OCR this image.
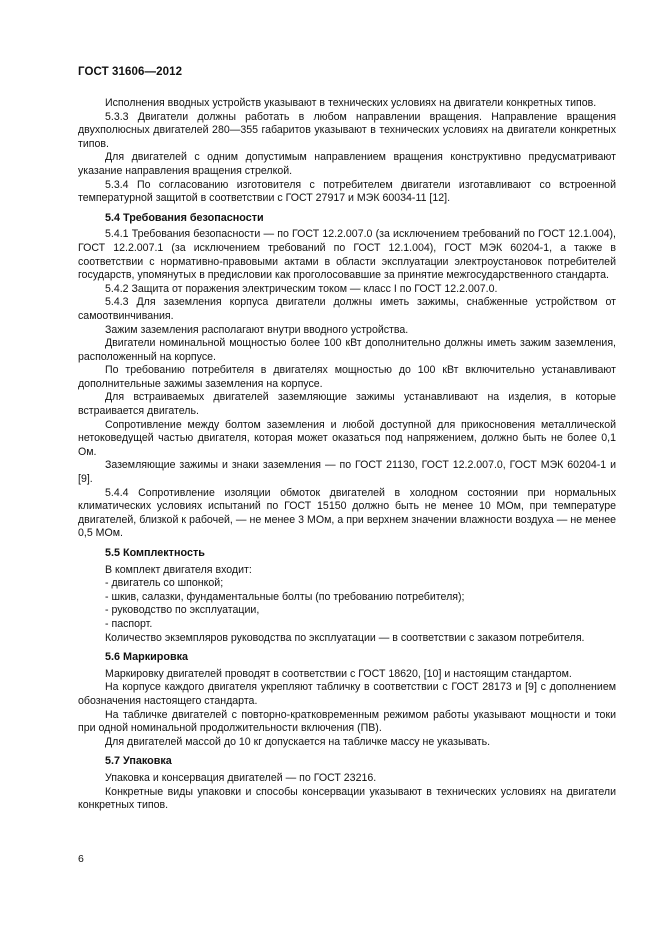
ГОСТ 31606—2012

Исполнения вводных устройств указывают в технических условиях на двигатели конкретных типов.

5.3.3 Двигатели должны работать в любом направлении вращения. Направление вращения двухполюсных двигателей 280—355 габаритов указывают в технических условиях на двигатели конкретных типов.

Для двигателей с одним допустимым направлением вращения конструктивно предусматривают указание направления вращения стрелкой.

5.3.4 По согласованию изготовителя с потребителем двигатели изготавливают со встроенной температурной защитой в соответствии с ГОСТ 27917 и МЭК 60034-11 [12].

5.4 Требования безопасности

5.4.1 Требования безопасности — по ГОСТ 12.2.007.0 (за исключением требований по ГОСТ 12.1.004), ГОСТ 12.2.007.1 (за исключением требований по ГОСТ 12.1.004), ГОСТ МЭК 60204-1, а также в соответствии с нормативно-правовыми актами в области эксплуатации электроустановок потребителей государств, упомянутых в предисловии как проголосовавшие за принятие межгосударственного стандарта.

5.4.2 Защита от поражения электрическим током — класс I по ГОСТ 12.2.007.0.

5.4.3 Для заземления корпуса двигатели должны иметь зажимы, снабженные устройством от самоотвинчивания.

Зажим заземления располагают внутри вводного устройства.

Двигатели номинальной мощностью более 100 кВт дополнительно должны иметь зажим заземления, расположенный на корпусе.

По требованию потребителя в двигателях мощностью до 100 кВт включительно устанавливают дополнительные зажимы заземления на корпусе.

Для встраиваемых двигателей заземляющие зажимы устанавливают на изделия, в которые встраивается двигатель.

Сопротивление между болтом заземления и любой доступной для прикосновения металлической нетоковедущей частью двигателя, которая может оказаться под напряжением, должно быть не более 0,1 Ом.

Заземляющие зажимы и знаки заземления — по ГОСТ 21130, ГОСТ 12.2.007.0, ГОСТ МЭК 60204-1 и [9].

5.4.4 Сопротивление изоляции обмоток двигателей в холодном состоянии при нормальных климатических условиях испытаний по ГОСТ 15150 должно быть не менее 10 МОм, при температуре двигателей, близкой к рабочей, — не менее 3 МОм, а при верхнем значении влажности воздуха — не менее 0,5 МОм.

5.5 Комплектность

В комплект двигателя входит:

- двигатель со шпонкой;

- шкив, салазки, фундаментальные болты (по требованию потребителя);

- руководство по эксплуатации,

- паспорт.

Количество экземпляров руководства по эксплуатации — в соответствии с заказом потребителя.

5.6 Маркировка

Маркировку двигателей проводят в соответствии с ГОСТ 18620, [10] и настоящим стандартом.

На корпусе каждого двигателя укрепляют табличку в соответствии с ГОСТ 28173 и [9] с дополнением обозначения настоящего стандарта.

На табличке двигателей с повторно-кратковременным режимом работы указывают мощности и токи при одной номинальной продолжительности включения (ПВ).

Для двигателей массой до 10 кг допускается на табличке массу не указывать.

5.7 Упаковка

Упаковка и консервация двигателей — по ГОСТ 23216.

Конкретные виды упаковки и способы консервации указывают в технических условиях на двигатели конкретных типов.

6
